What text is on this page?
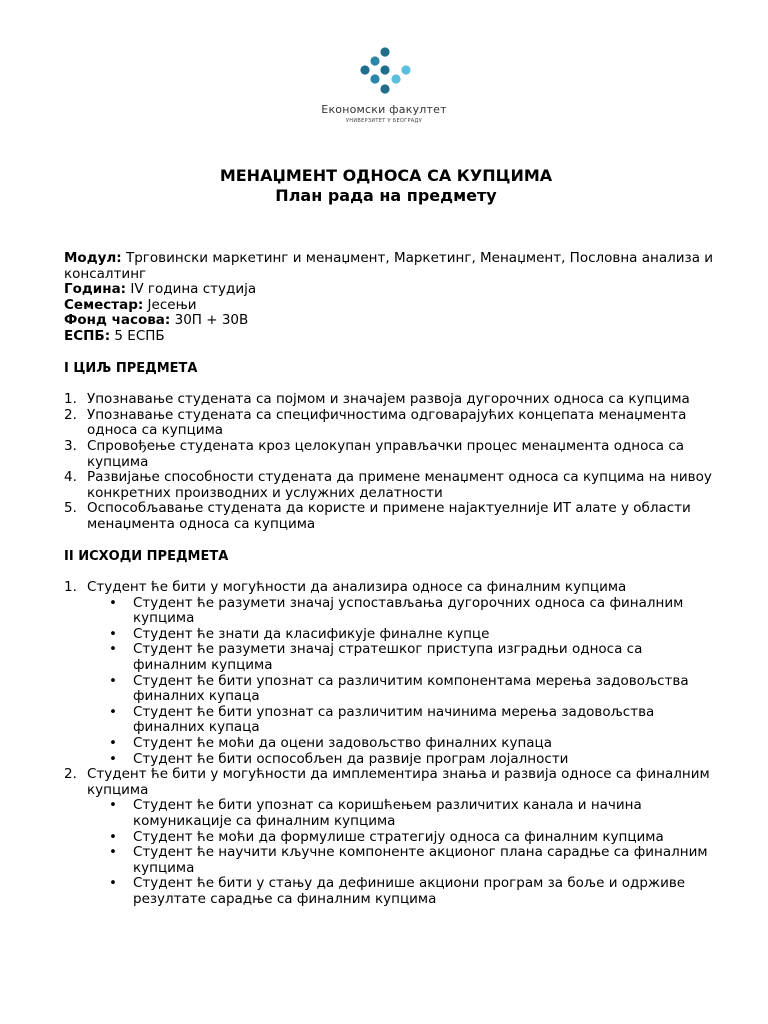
Економски факултет
УНИВЕРЗИТЕТ У БЕОГРАДУ
МЕНАЏМЕНТ ОДНОСА СА КУПЦИМА
План рада на предмету

Модул: Трговински маркетинг и менаџмент, Маркетинг, Менаџмент, Пословна анализа и консалтинг

Година: IV година студија

Семестар: Јесењи

Фонд часова: 30П + 30В

ЕСПБ: 5 ЕСПБ

I ЦИЉ ПРЕДМЕТА
1. Упознавање студената са појмом и значајем развоја дугорочних односа са купцима
2. Упознавање студената са специфичностима одговарајућих концепата менаџмента односа са купцима
3. Спровођење студената кроз целокупан управљачки процес менаџмента односа са купцима
4. Развијање способности студената да примене менаџмент односа са купцима на нивоу конкретних производних и услужних делатности
5. Оспособљавање студената да користе и примене најактуелније ИТ алате у области менаџмента односа са купцима
II ИСХОДИ ПРЕДМЕТА
1. Студент ће бити у могућности да анализира односе са финалним купцима
• Студент ће разумети значај успостављања дугорочних односа са финалним купцима
• Студент ће знати да класификује финалне купце
• Студент ће разумети значај стратешког приступа изградњи односа са финалним купцима
• Студент ће бити упознат са различитим компонентама мерења задовољства финалних купаца
• Студент ће бити упознат са различитим начинима мерења задовољства финалних купаца
• Студент ће моћи да оцени задовољство финалних купаца
• Студент ће бити оспособљен да развије програм лојалности
2. Студент ће бити у могућности да имплементира знања и развија односе са финалним купцима
• Студент ће бити упознат са коришћењем различитих канала и начина комуникације са финалним купцима
• Студент ће моћи да формулише стратегију односа са финалним купцима
• Студент ће научити кључне компоненте акционог плана сарадње са финалним купцима
• Студент ће бити у стању да дефинише акциони програм за боље и одрживе резултате сарадње са финалним купцима
